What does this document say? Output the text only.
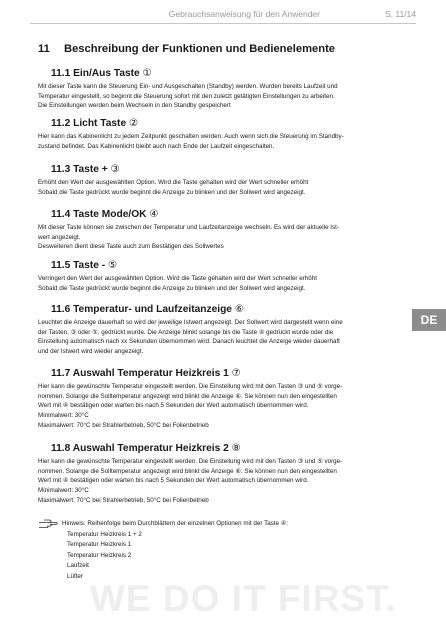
Gebrauchsanweisung für den Anwender	S. 11/14
11 Beschreibung der Funktionen und Bedienelemente
11.1 Ein/Aus Taste ①

Mit dieser Taste kann die Steuerung Ein- und Ausgeschalten (Standby) werden. Wurden bereits Laufzeit und

Temperatur eingestellt, so beginnt die Steuerung sofort mit den zuletzt getätigten Einstellungen zu arbeiten.

Die Einstellungen werden beim Wechseln in den Standby gespeichert

11.2 Licht Taste ②

Hier kann das Kabinenlicht zu jedem Zeitpunkt geschalten werden. Auch wenn sich die Steuerung im Standby-

zustand befindet. Das Kabinenlicht bleibt auch nach Ende der Laufzeit eingeschalten.

11.3 Taste + ③

Erhöht den Wert der ausgewählten Option. Wird die Taste gehalten wird der Wert schneller erhöht

Sobald die Taste gedrückt wurde beginnt die Anzeige zu blinken und der Sollwert wird angezeigt.

11.4 Taste Mode/OK ④

Mit dieser Taste können sie zwischen der Temperatur und Laufzeitanzeige wechseln. Es wird der aktuelle Ist-

wert angezeigt.

Desweiteren dient diese Taste auch zum Bestätigen des Sollwertes

11.5 Taste - ⑤

Verringert den Wert der ausgewählten Option. Wird die Taste gehalten wird der Wert schneller erhöht

Sobald die Taste gedrückt wurde beginnt die Anzeige zu blinken und der Sollwert wird angezeigt.

11.6 Temperatur- und Laufzeitanzeige ⑥

Leuchtet die Anzeige dauerhaft so wird der jeweilige Istwert angezeigt. Der Sollwert wird dargestellt wenn eine

der Tasten, ③ oder ⑤, gedrückt wurde. Die Anzeige blinkt solange bis die Taste ④ gedrückt wurde oder die

Einstellung automatisch nach xx Sekunden übernommen wird. Danach leuchtet die Anzeige wieder dauerhaft

und der Istwert wird wieder angezeigt.

11.7 Auswahl Temperatur Heizkreis 1 ⑦

Hier kann die gewünschte Temperatur eingestellt werden. Die Einstellung wird mit den Tasten ③ und ⑤ vorge-

nommen. Solange die Solltemperatur angezeigt wird blinkt die Anzeige ⑥. Sie können nun den eingestellten

Wert mit ④ bestätigen oder warten bis nach 5 Sekunden der Wert automatisch übernommen wird.

Minimalwert: 30°C

Maximalwert: 70°C bei Strahlerbetrieb, 50°C bei Folienbetrieb

11.8 Auswahl Temperatur Heizkreis 2 ⑧

Hier kann die gewünschte Temperatur eingestellt werden. Die Einstellung wird mit den Tasten ③ und ⑤ vorge-

nommen. Solange die Solltemperatur angezeigt wird blinkt die Anzeige ⑥. Sie können nun den eingestellten

Wert mit ④ bestätigen oder warten bis nach 5 Sekunden der Wert automatisch übernommen wird.

Minimalwert: 30°C

Maximalwert: 70°C bei Strahlerbetrieb, 50°C bei Folienbetrieb

DE
Hinweis: Reihenfolge beim Durchblättern der einzelnen Optionen mit der Taste ④:
Temperatur Heizkreis 1 + 2
Temperatur Heizkreis 1
Temperatur Heizkreis 2
Laufzeit
Lüfter
WE DO IT FIRST.
